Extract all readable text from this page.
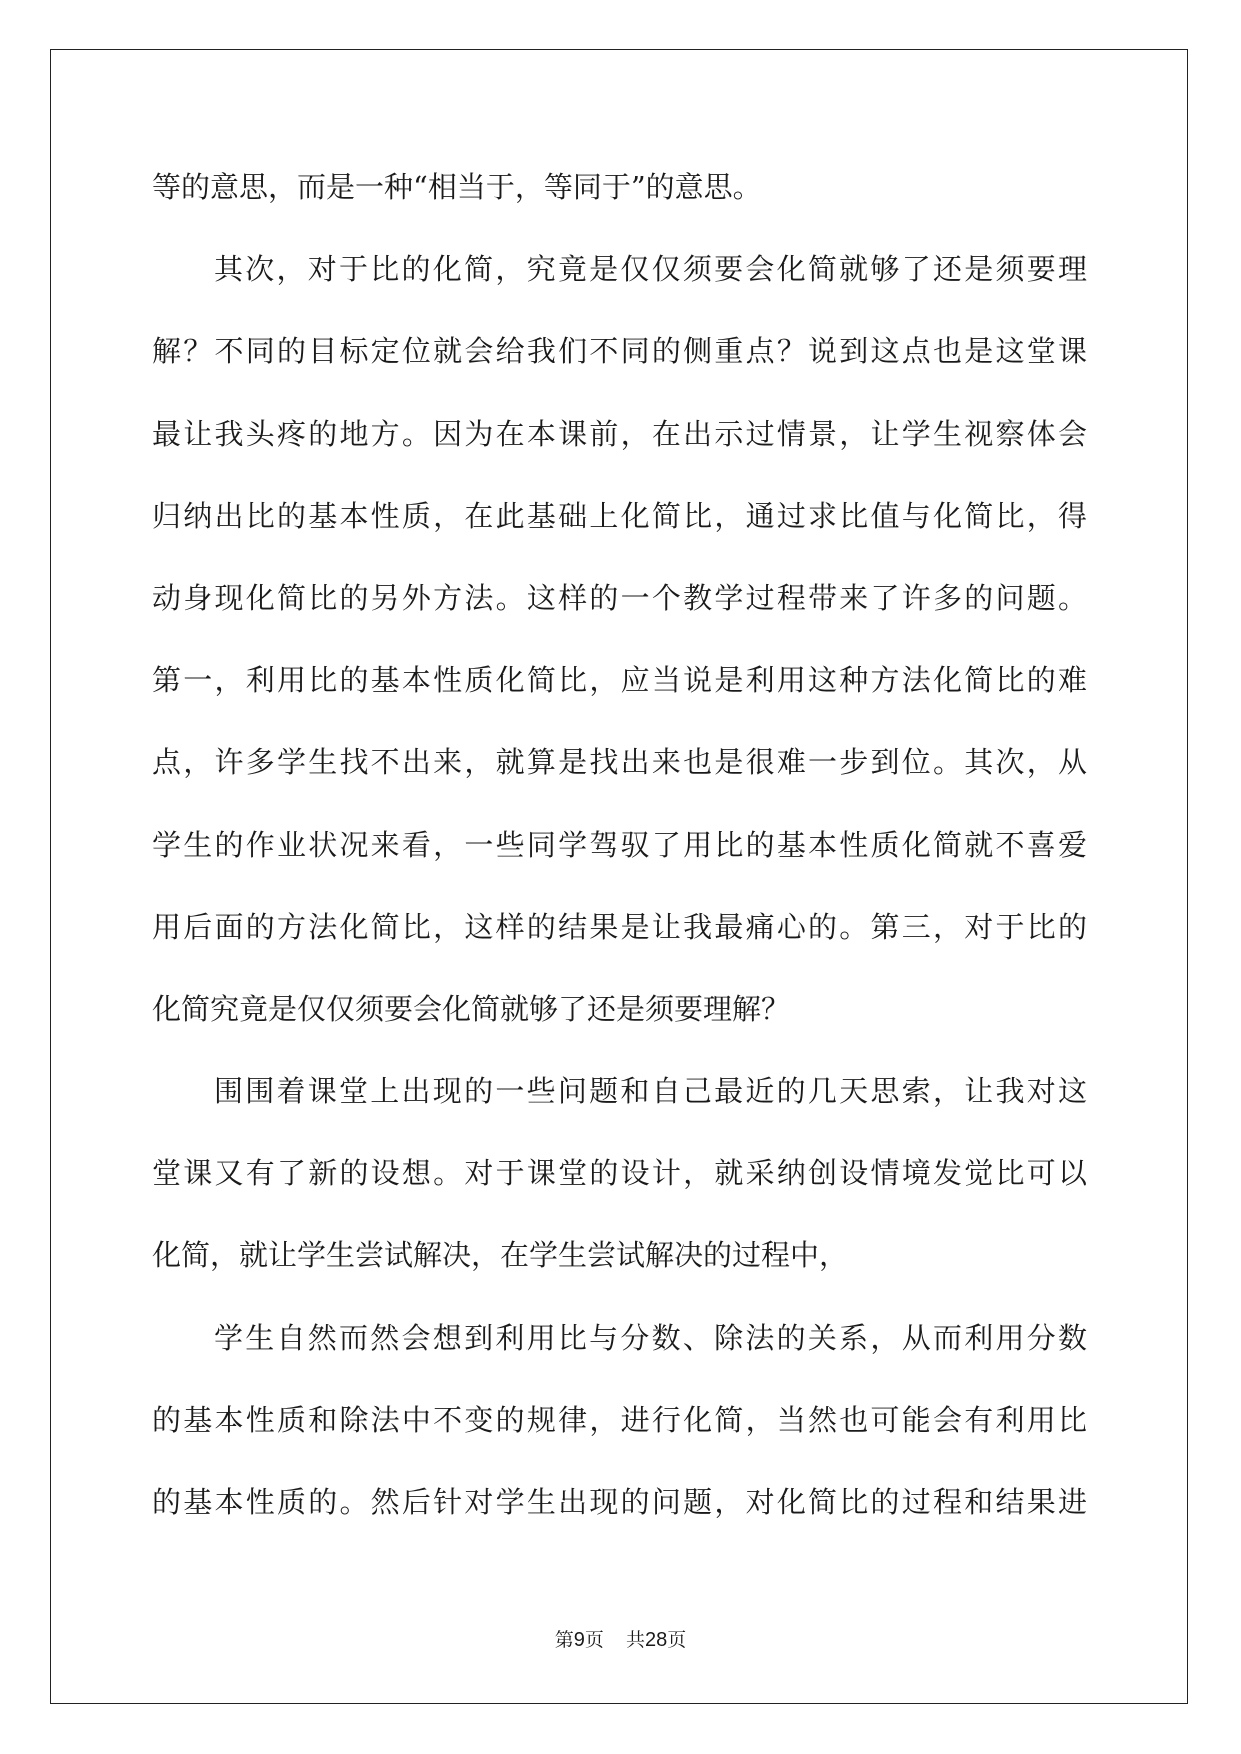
等的意思，而是一种“相当于，等同于”的意思。
其次，对于比的化简，究竟是仅仅须要会化简就够了还是须要理
解？不同的目标定位就会给我们不同的侧重点？说到这点也是这堂课
最让我头疼的地方。因为在本课前，在出示过情景，让学生视察体会
归纳出比的基本性质，在此基础上化简比，通过求比值与化简比，得
动身现化简比的另外方法。这样的一个教学过程带来了许多的问题。
第一，利用比的基本性质化简比，应当说是利用这种方法化简比的难
点，许多学生找不出来，就算是找出来也是很难一步到位。其次，从
学生的作业状况来看，一些同学驾驭了用比的基本性质化简就不喜爱
用后面的方法化简比，这样的结果是让我最痛心的。第三，对于比的
化简究竟是仅仅须要会化简就够了还是须要理解？
围围着课堂上出现的一些问题和自己最近的几天思索，让我对这
堂课又有了新的设想。对于课堂的设计，就采纳创设情境发觉比可以
化简，就让学生尝试解决，在学生尝试解决的过程中，
学生自然而然会想到利用比与分数、除法的关系，从而利用分数
的基本性质和除法中不变的规律，进行化简，当然也可能会有利用比
的基本性质的。然后针对学生出现的问题，对化简比的过程和结果进
第9页 共28页
